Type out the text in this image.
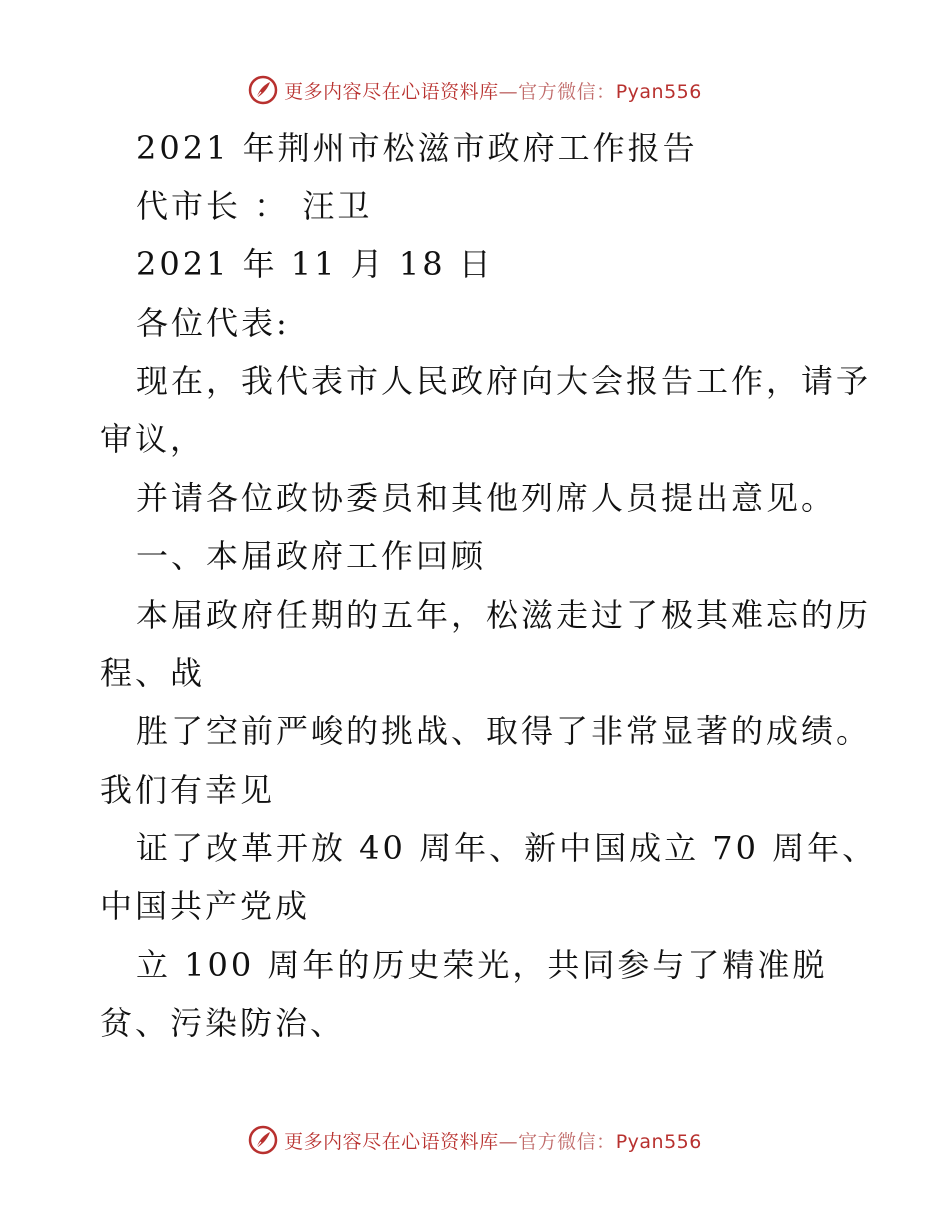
更多内容尽在心语资料库—官方微信：Pyan556
2021 年荆州市松滋市政府工作报告
代市长 ： 汪卫
2021 年 11 月 18 日
各位代表:
现在，我代表市人民政府向大会报告工作，请予
审议，
并请各位政协委员和其他列席人员提出意见。
一、本届政府工作回顾
本届政府任期的五年，松滋走过了极其难忘的历
程、战
胜了空前严峻的挑战、取得了非常显著的成绩。
我们有幸见
证了改革开放 40 周年、新中国成立 70 周年、
中国共产党成
立 100 周年的历史荣光，共同参与了精准脱
贫、污染防治、
更多内容尽在心语资料库—官方微信：Pyan556
